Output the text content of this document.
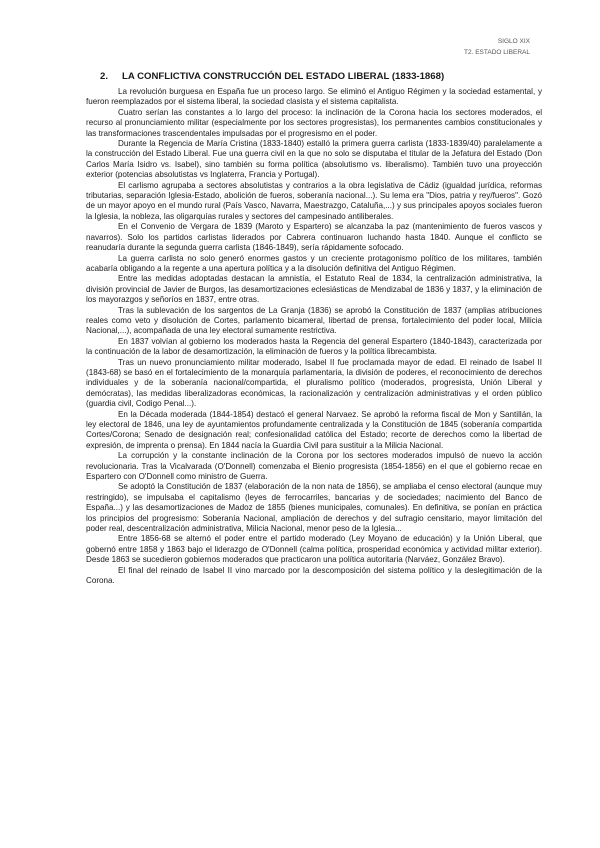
SIGLO XIX
T2. ESTADO LIBERAL
2. LA CONFLICTIVA CONSTRUCCIÓN DEL ESTADO LIBERAL (1833-1868)

La revolución burguesa en España fue un proceso largo. Se eliminó el Antiguo Régimen y la sociedad estamental, y fueron reemplazados por el sistema liberal, la sociedad clasista y el sistema capitalista.

Cuatro serían las constantes a lo largo del proceso: la inclinación de la Corona hacia los sectores moderados, el recurso al pronunciamiento militar (especialmente por los sectores progresistas), los permanentes cambios constitucionales y las transformaciones trascendentales impulsadas por el progresismo en el poder.

Durante la Regencia de María Cristina (1833-1840) estalló la primera guerra carlista (1833-1839/40) paralelamente a la construcción del Estado Liberal. Fue una guerra civil en la que no solo se disputaba el titular de la Jefatura del Estado (Don Carlos María Isidro vs. Isabel), sino también su forma política (absolutismo vs. liberalismo). También tuvo una proyección exterior (potencias absolutistas vs Inglaterra, Francia y Portugal).

El carlismo agrupaba a sectores absolutistas y contrarios a la obra legislativa de Cádiz (igualdad jurídica, reformas tributarias, separación Iglesia-Estado, abolición de fueros, soberanía nacional...). Su lema era "Dios, patria y rey/fueros". Gozó de un mayor apoyo en el mundo rural (País Vasco, Navarra, Maestrazgo, Cataluña,...) y sus principales apoyos sociales fueron la Iglesia, la nobleza, las oligarquías rurales y sectores del campesinado antiliberales.

En el Convenio de Vergara de 1839 (Maroto y Espartero) se alcanzaba la paz (mantenimiento de fueros vascos y navarros). Solo los partidos carlistas liderados por Cabrera continuaron luchando hasta 1840. Aunque el conflicto se reanudaría durante la segunda guerra carlista (1846-1849), sería rápidamente sofocado.

La guerra carlista no solo generó enormes gastos y un creciente protagonismo político de los militares, también acabaría obligando a la regente a una apertura política y a la disolución definitiva del Antiguo Régimen.

Entre las medidas adoptadas destacan la amnistía, el Estatuto Real de 1834, la centralización administrativa, la división provincial de Javier de Burgos, las desamortizaciones eclesiásticas de Mendizabal de 1836 y 1837, y la eliminación de los mayorazgos y señoríos en 1837, entre otras.

Tras la sublevación de los sargentos de La Granja (1836) se aprobó la Constitución de 1837 (amplias atribuciones reales como veto y disolución de Cortes, parlamento bicameral, libertad de prensa, fortalecimiento del poder local, Milicia Nacional,...), acompañada de una ley electoral sumamente restrictiva.

En 1837 volvían al gobierno los moderados hasta la Regencia del general Espartero (1840-1843), caracterizada por la continuación de la labor de desamortización, la eliminación de fueros y la política librecambista.

Tras un nuevo pronunciamiento militar moderado, Isabel II fue proclamada mayor de edad. El reinado de Isabel II (1843-68) se basó en el fortalecimiento de la monarquía parlamentaria, la división de poderes, el reconocimiento de derechos individuales y de la soberanía nacional/compartida, el pluralismo político (moderados, progresista, Unión Liberal y demócratas), las medidas liberalizadoras económicas, la racionalización y centralización administrativas y el orden público (guardia civil, Codigo Penal...).

En la Década moderada (1844-1854) destacó el general Narvaez. Se aprobó la reforma fiscal de Mon y Santillán, la ley electoral de 1846, una ley de ayuntamientos profundamente centralizada y la Constitución de 1845 (soberanía compartida Cortes/Corona; Senado de designación real; confesionalidad católica del Estado; recorte de derechos como la libertad de expresión, de imprenta o prensa). En 1844 nacía la Guardia Civil para sustituir a la Milicia Nacional.

La corrupción y la constante inclinación de la Corona por los sectores moderados impulsó de nuevo la acción revolucionaria. Tras la Vicalvarada (O'Donnell) comenzaba el Bienio progresista (1854-1856) en el que el gobierno recae en Espartero con O'Donnell como ministro de Guerra.

Se adoptó la Constitución de 1837 (elaboración de la non nata de 1856), se ampliaba el censo electoral (aunque muy restringido), se impulsaba el capitalismo (leyes de ferrocarriles, bancarias y de sociedades; nacimiento del Banco de España...) y las desamortizaciones de Madoz de 1855 (bienes municipales, comunales). En definitiva, se ponían en práctica los principios del progresismo: Soberanía Nacional, ampliación de derechos y del sufragio censitario, mayor limitación del poder real, descentralización administrativa, Milicia Nacional, menor peso de la Iglesia...

Entre 1856-68 se alternó el poder entre el partido moderado (Ley Moyano de educación) y la Unión Liberal, que gobernó entre 1858 y 1863 bajo el liderazgo de O'Donnell (calma política, prosperidad económica y actividad militar exterior). Desde 1863 se sucedieron gobiernos moderados que practicaron una política autoritaria (Narváez, González Bravo).

El final del reinado de Isabel II vino marcado por la descomposición del sistema político y la deslegitimación de la Corona.
